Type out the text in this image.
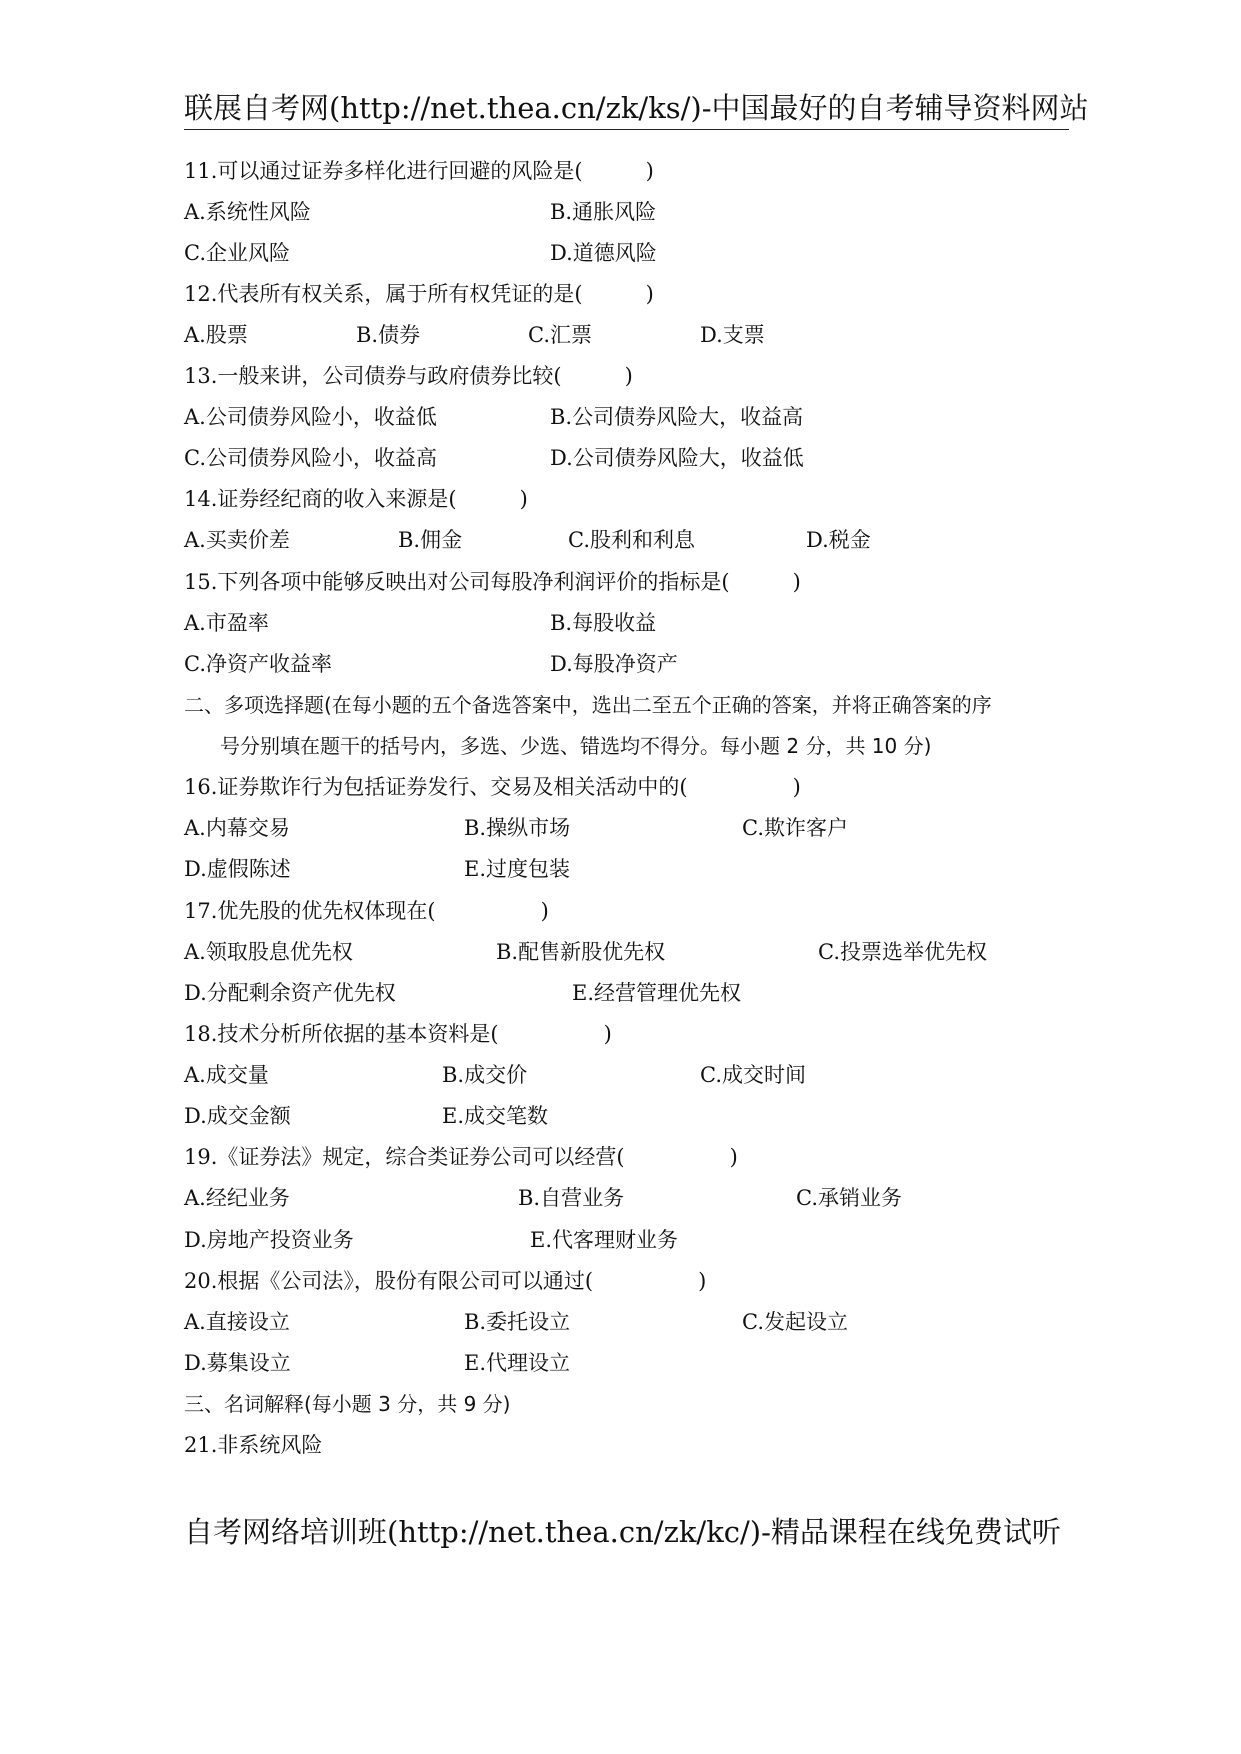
联展自考网(http://net.thea.cn/zk/ks/)-中国最好的自考辅导资料网站
11.可以通过证券多样化进行回避的风险是(　　　)
A.系统性风险	B.通胀风险
C.企业风险	D.道德风险
12.代表所有权关系，属于所有权凭证的是(　　　)
A.股票	B.债券	C.汇票	D.支票
13.一般来讲，公司债券与政府债券比较(　　　)
A.公司债券风险小，收益低	B.公司债券风险大，收益高
C.公司债券风险小，收益高	D.公司债券风险大，收益低
14.证券经纪商的收入来源是(　　　)
A.买卖价差	B.佣金	C.股利和利息	D.税金
15.下列各项中能够反映出对公司每股净利润评价的指标是(　　　)
A.市盈率	B.每股收益
C.净资产收益率	D.每股净资产
二、多项选择题(在每小题的五个备选答案中，选出二至五个正确的答案，并将正确答案的序
号分别填在题干的括号内，多选、少选、错选均不得分。每小题 2 分，共 10 分)
16.证券欺诈行为包括证券发行、交易及相关活动中的(　　　　　)
A.内幕交易	B.操纵市场	C.欺诈客户
D.虚假陈述	E.过度包装
17.优先股的优先权体现在(　　　　　)
A.领取股息优先权	B.配售新股优先权	C.投票选举优先权
D.分配剩余资产优先权	E.经营管理优先权
18.技术分析所依据的基本资料是(　　　　　)
A.成交量	B.成交价	C.成交时间
D.成交金额	E.成交笔数
19.《证券法》规定，综合类证券公司可以经营(　　　　　)
A.经纪业务	B.自营业务	C.承销业务
D.房地产投资业务	E.代客理财业务
20.根据《公司法》，股份有限公司可以通过(　　　　　)
A.直接设立	B.委托设立	C.发起设立
D.募集设立	E.代理设立
三、名词解释(每小题 3 分，共 9 分)
21.非系统风险
自考网络培训班(http://net.thea.cn/zk/kc/)-精品课程在线免费试听
